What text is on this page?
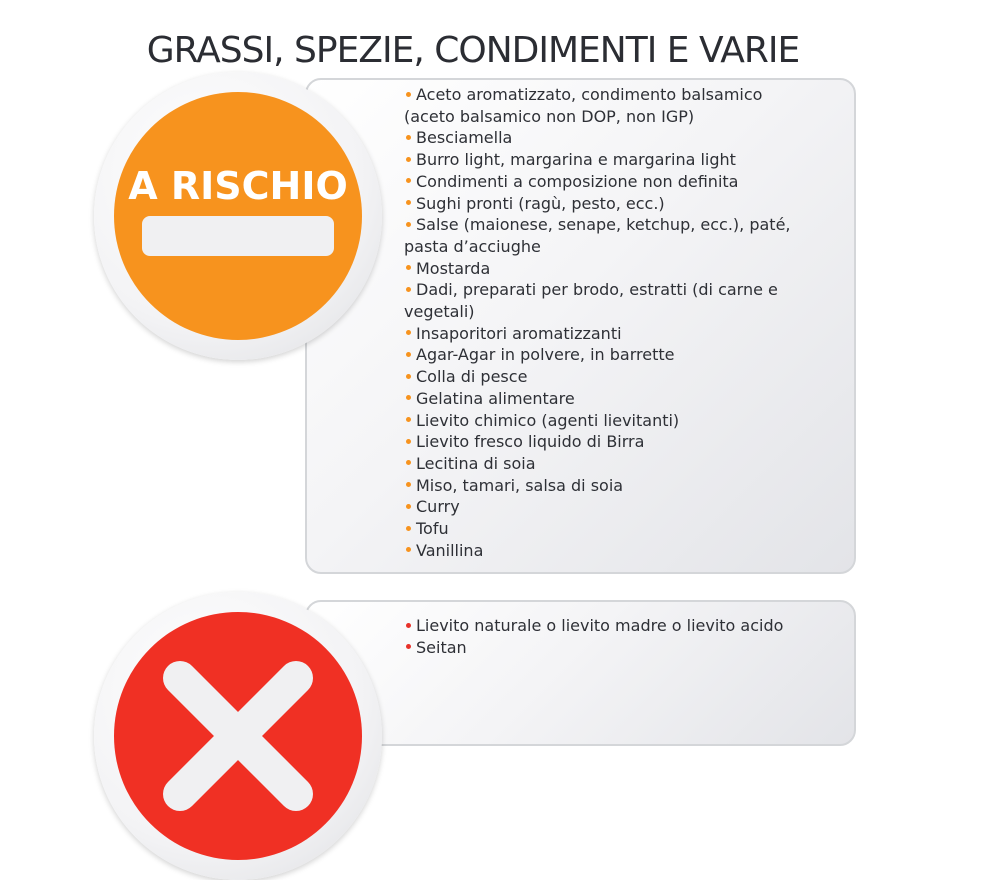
GRASSI, SPEZIE, CONDIMENTI E VARIE
Aceto aromatizzato, condimento balsamico (aceto balsamico non DOP, non IGP)
Besciamella
Burro light, margarina e margarina light
Condimenti a composizione non definita
Sughi pronti (ragù, pesto, ecc.)
Salse (maionese, senape, ketchup, ecc.), paté, pasta d’acciughe
Mostarda
Dadi, preparati per brodo, estratti (di carne e vegetali)
Insaporitori aromatizzanti
Agar-Agar in polvere, in barrette
Colla di pesce
Gelatina alimentare
Lievito chimico (agenti lievitanti)
Lievito fresco liquido di Birra
Lecitina di soia
Miso, tamari, salsa di soia
Curry
Tofu
Vanillina
A RISCHIO
Lievito naturale o lievito madre o lievito acido
Seitan
